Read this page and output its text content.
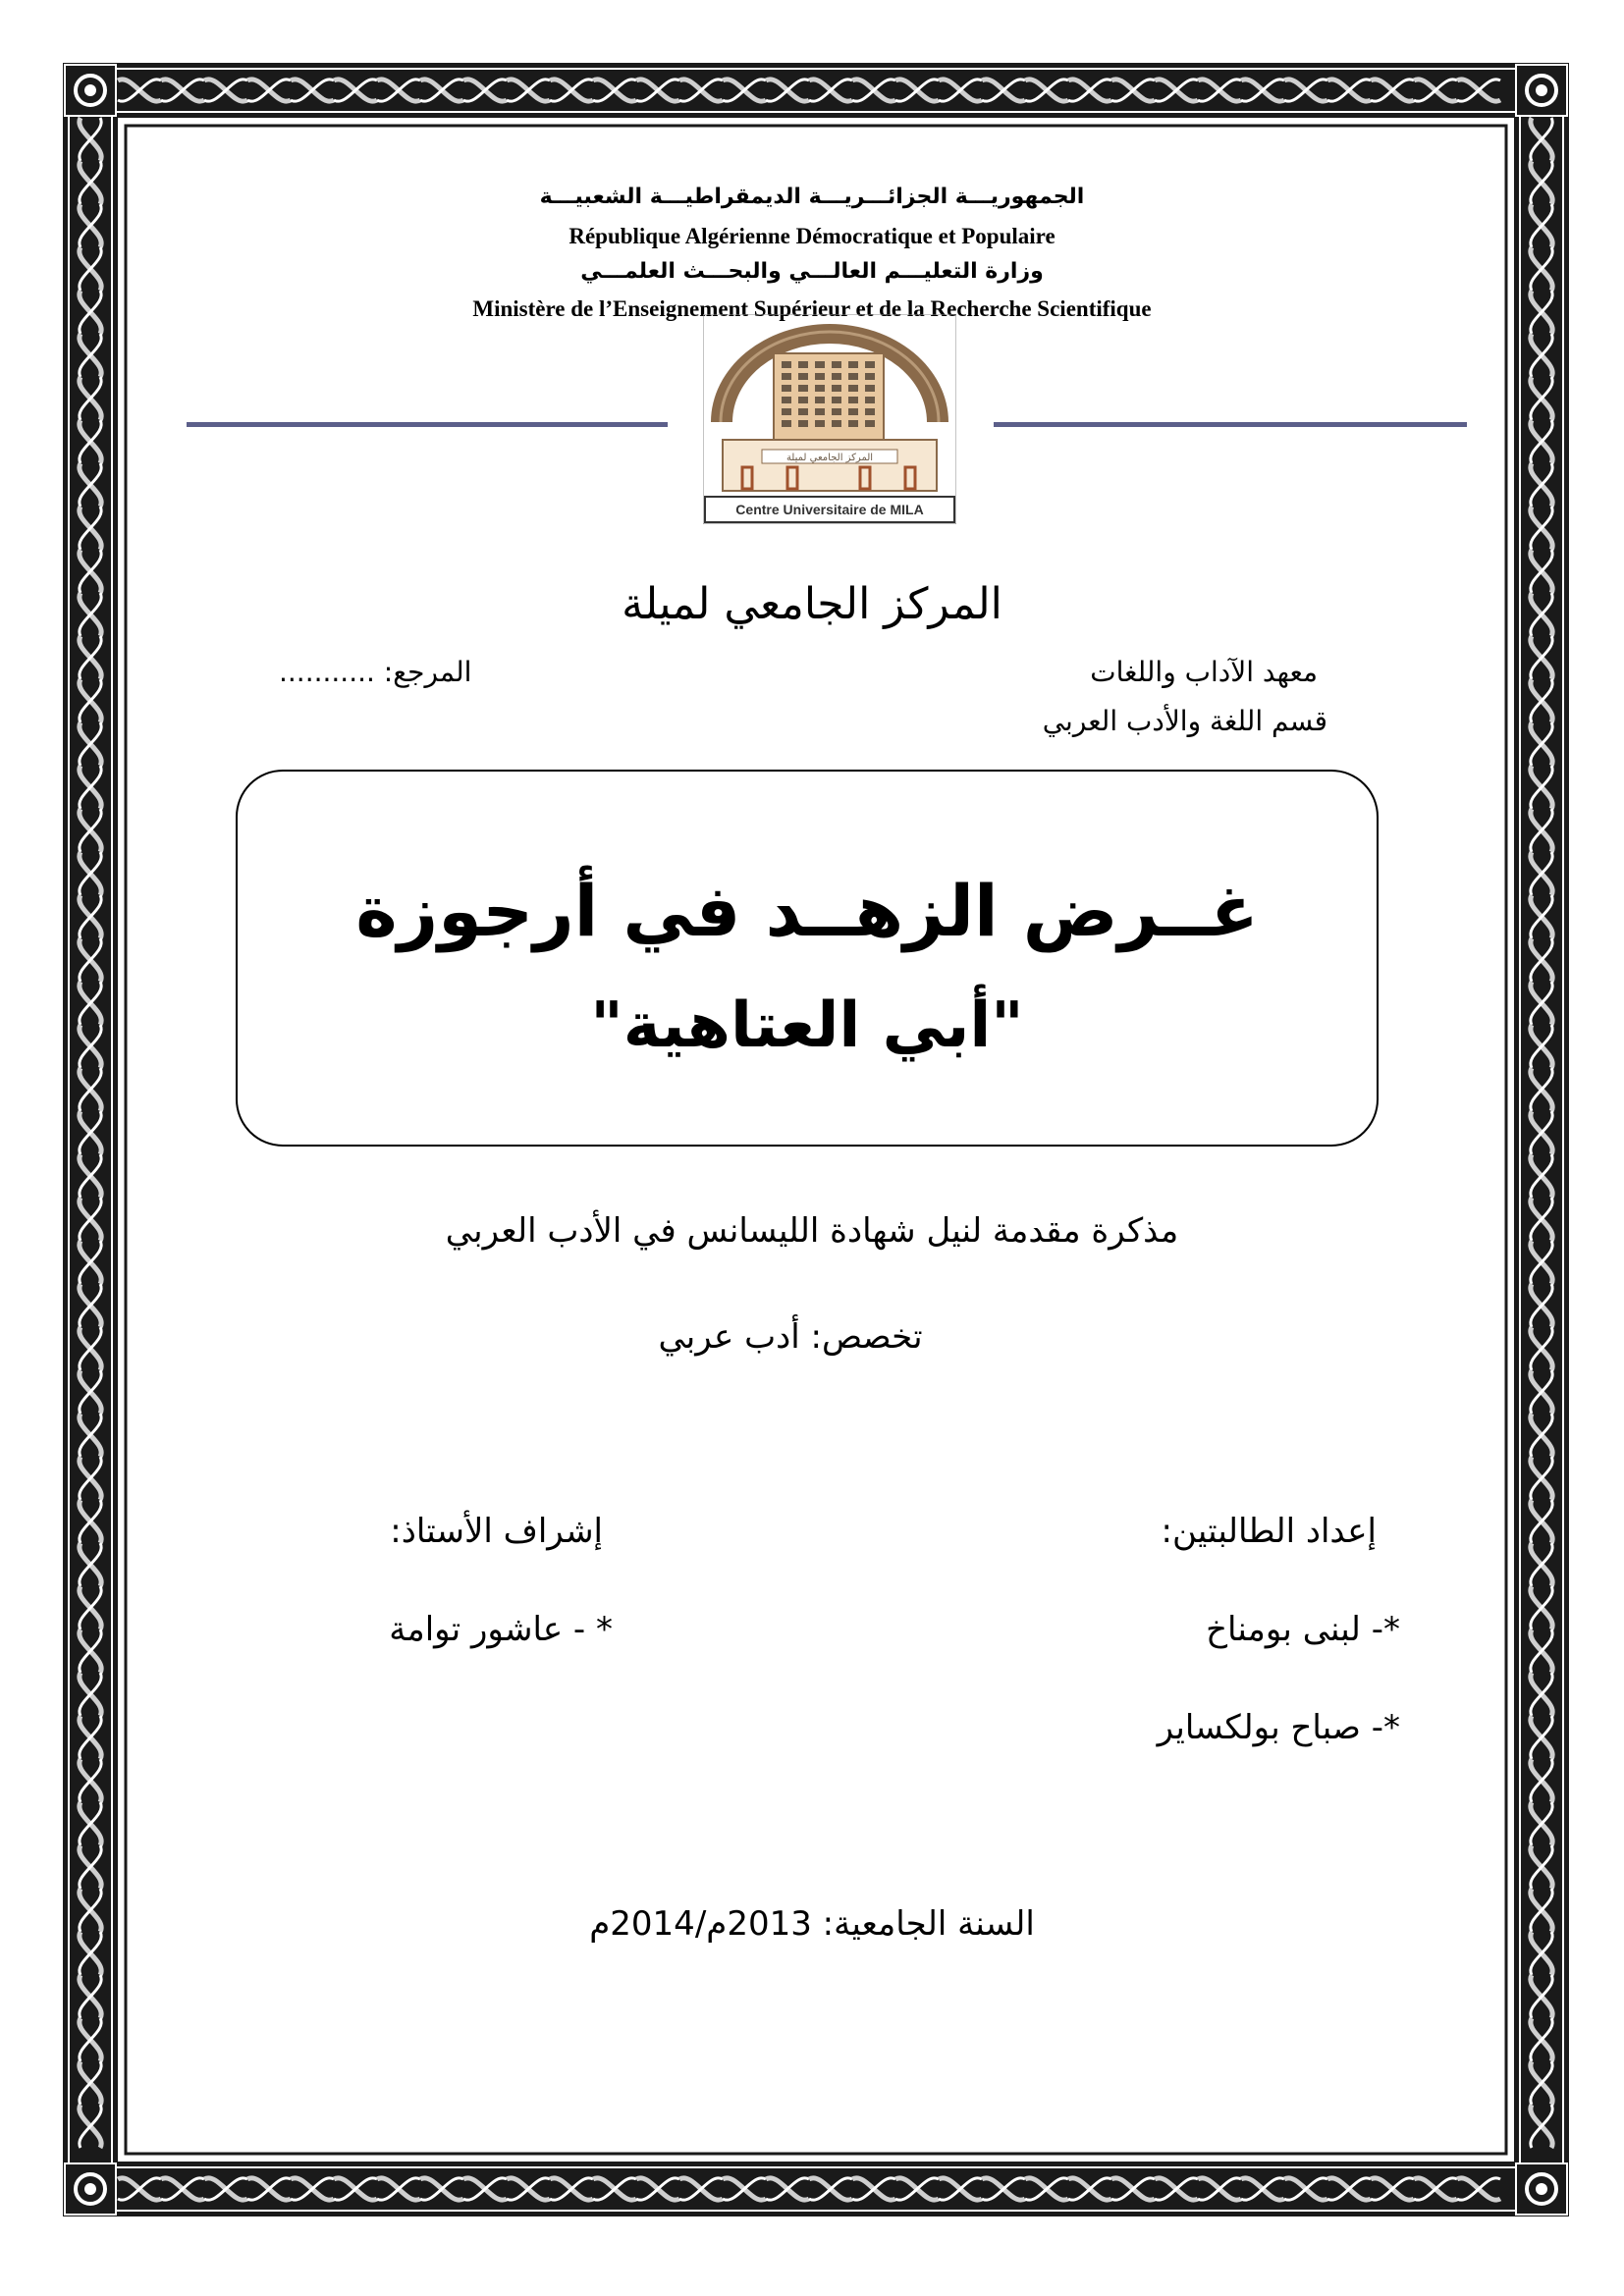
الجمهوريـــة الجزائـــريـــة الديمقراطيـــة الشعبيـــة
République Algérienne Démocratique et Populaire
وزارة التعليـــم العالـــي والبحـــث العلمـــي
Ministère de l’Enseignement Supérieur et de la Recherche Scientifique
المركز الجامعي لميلة
Centre Universitaire de MILA
المركز الجامعي لميلة
معهد الآداب واللغات
قسم اللغة والأدب العربي
المرجع: ...........
غــرض الزهــد في أرجوزة
"أبي العتاهية"
مذكرة مقدمة لنيل شهادة الليسانس في الأدب العربي
تخصص: أدب عربي
إعداد الطالبتين:
إشراف الأستاذ:
*- لبنى بومناخ
*- صباح بولكساير
* - عاشور توامة
السنة الجامعية: 2013م/2014م
